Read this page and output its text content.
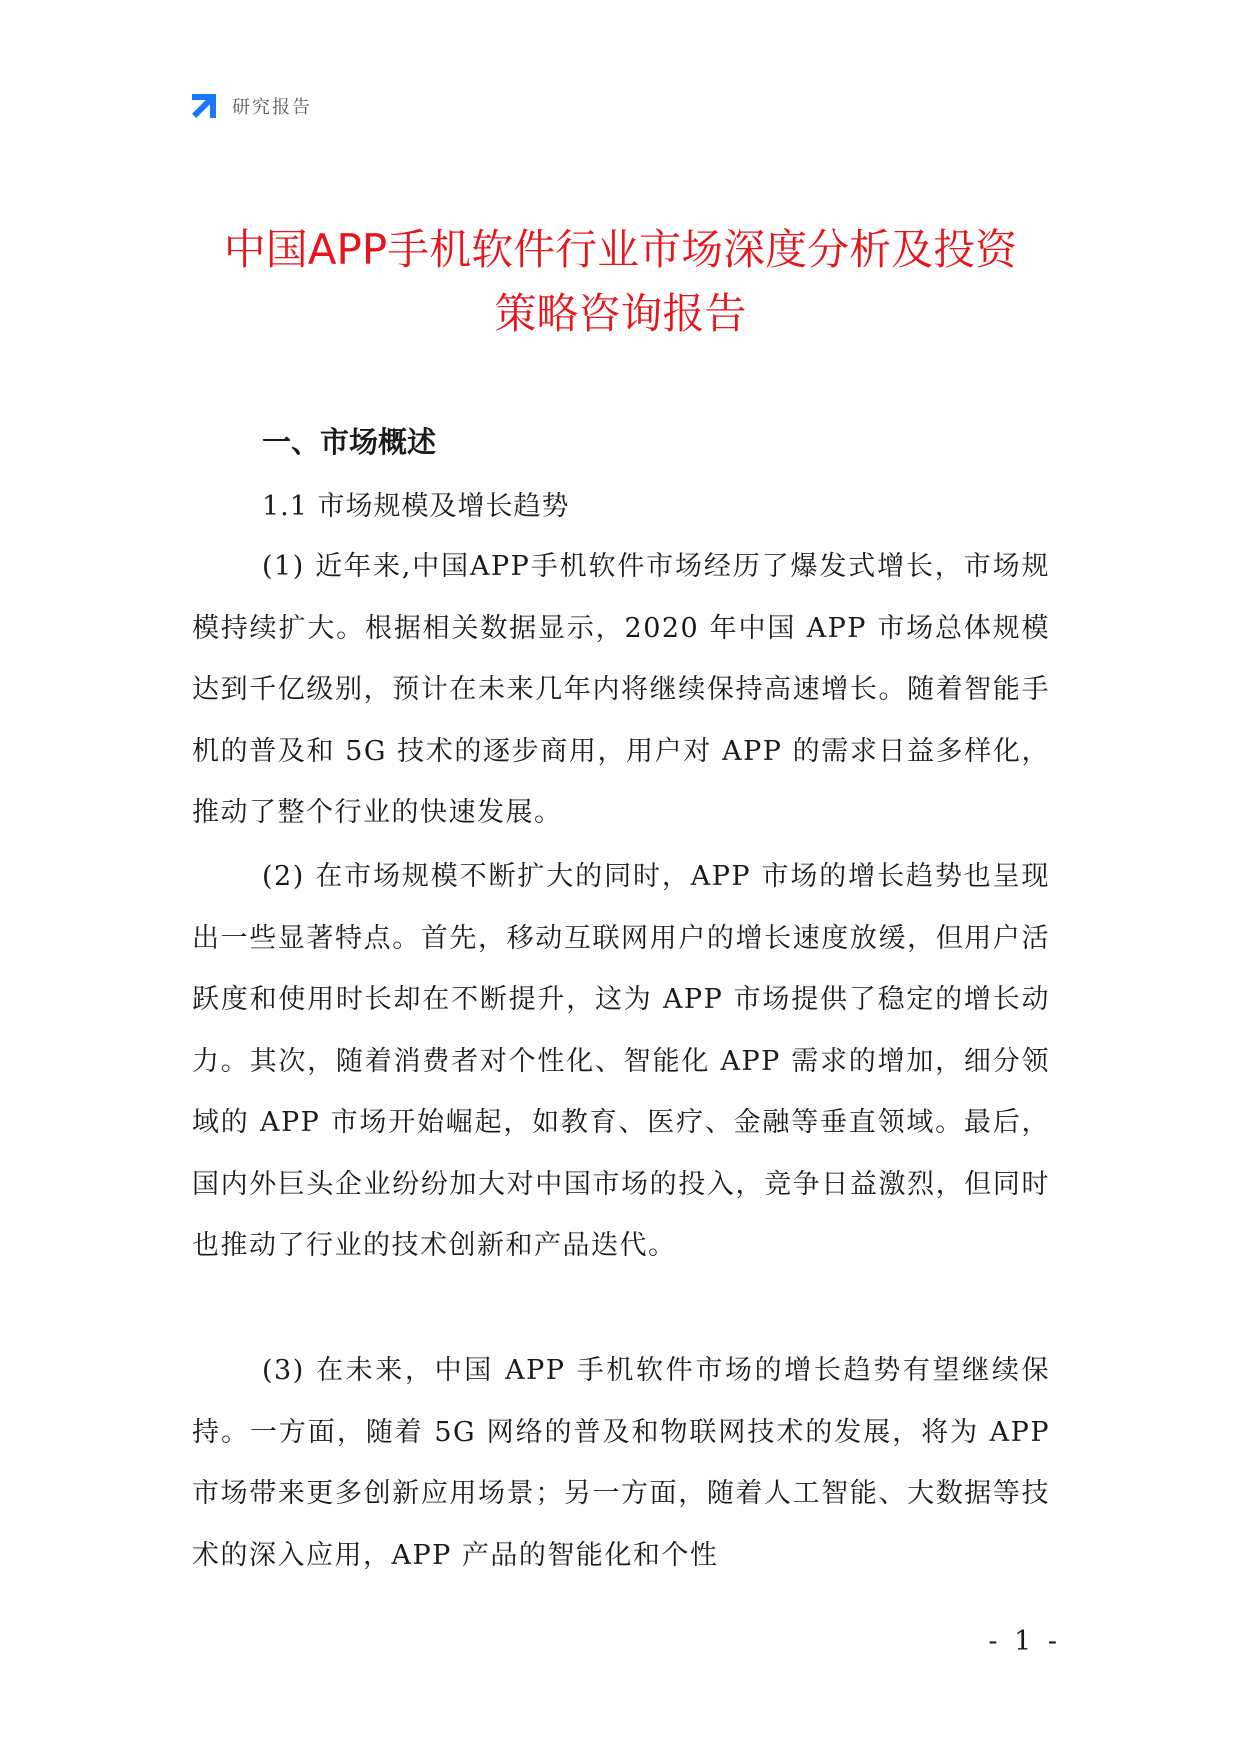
研究报告
中国APP手机软件行业市场深度分析及投资
策略咨询报告
一、市场概述
1.1 市场规模及增长趋势

(1) 近年来,中国APP手机软件市场经历了爆发式增长，市场规模持续扩大。根据相关数据显示，2020 年中国 APP 市场总体规模达到千亿级别，预计在未来几年内将继续保持高速增长。随着智能手机的普及和 5G 技术的逐步商用，用户对 APP 的需求日益多样化，推动了整个行业的快速发展。

(2) 在市场规模不断扩大的同时，APP 市场的增长趋势也呈现出一些显著特点。首先，移动互联网用户的增长速度放缓，但用户活跃度和使用时长却在不断提升，这为 APP 市场提供了稳定的增长动力。其次，随着消费者对个性化、智能化 APP 需求的增加，细分领域的 APP 市场开始崛起，如教育、医疗、金融等垂直领域。最后，国内外巨头企业纷纷加大对中国市场的投入，竞争日益激烈，但同时也推动了行业的技术创新和产品迭代。

(3) 在未来，中国 APP 手机软件市场的增长趋势有望继续保持。一方面，随着 5G 网络的普及和物联网技术的发展，将为 APP 市场带来更多创新应用场景；另一方面，随着人工智能、大数据等技术的深入应用，APP 产品的智能化和个性

- 1 -
